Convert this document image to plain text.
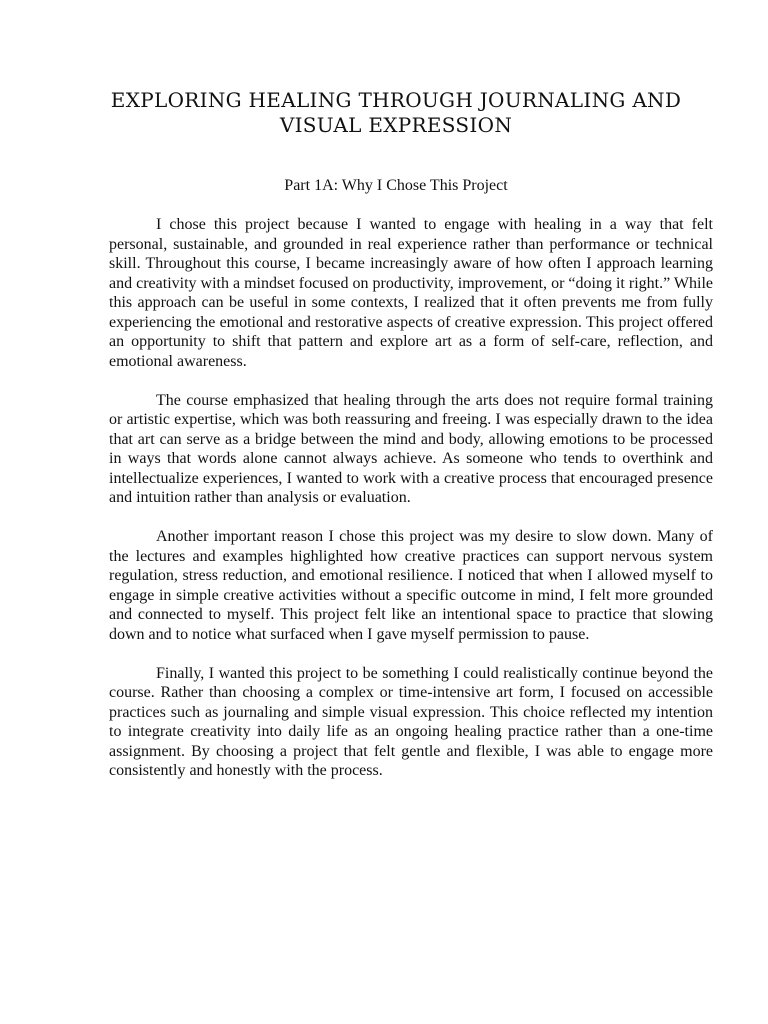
EXPLORING HEALING THROUGH JOURNALING AND VISUAL EXPRESSION
Part 1A: Why I Chose This Project

I chose this project because I wanted to engage with healing in a way that felt personal, sustainable, and grounded in real experience rather than performance or technical skill. Throughout this course, I became increasingly aware of how often I approach learning and creativity with a mindset focused on productivity, improvement, or “doing it right.” While this approach can be useful in some contexts, I realized that it often prevents me from fully experiencing the emotional and restorative aspects of creative expression. This project offered an opportunity to shift that pattern and explore art as a form of self-care, reflection, and emotional awareness.

The course emphasized that healing through the arts does not require formal training or artistic expertise, which was both reassuring and freeing. I was especially drawn to the idea that art can serve as a bridge between the mind and body, allowing emotions to be processed in ways that words alone cannot always achieve. As someone who tends to overthink and intellectualize experiences, I wanted to work with a creative process that encouraged presence and intuition rather than analysis or evaluation.

Another important reason I chose this project was my desire to slow down. Many of the lectures and examples highlighted how creative practices can support nervous system regulation, stress reduction, and emotional resilience. I noticed that when I allowed myself to engage in simple creative activities without a specific outcome in mind, I felt more grounded and connected to myself. This project felt like an intentional space to practice that slowing down and to notice what surfaced when I gave myself permission to pause.

Finally, I wanted this project to be something I could realistically continue beyond the course. Rather than choosing a complex or time-intensive art form, I focused on accessible practices such as journaling and simple visual expression. This choice reflected my intention to integrate creativity into daily life as an ongoing healing practice rather than a one-time assignment. By choosing a project that felt gentle and flexible, I was able to engage more consistently and honestly with the process.
